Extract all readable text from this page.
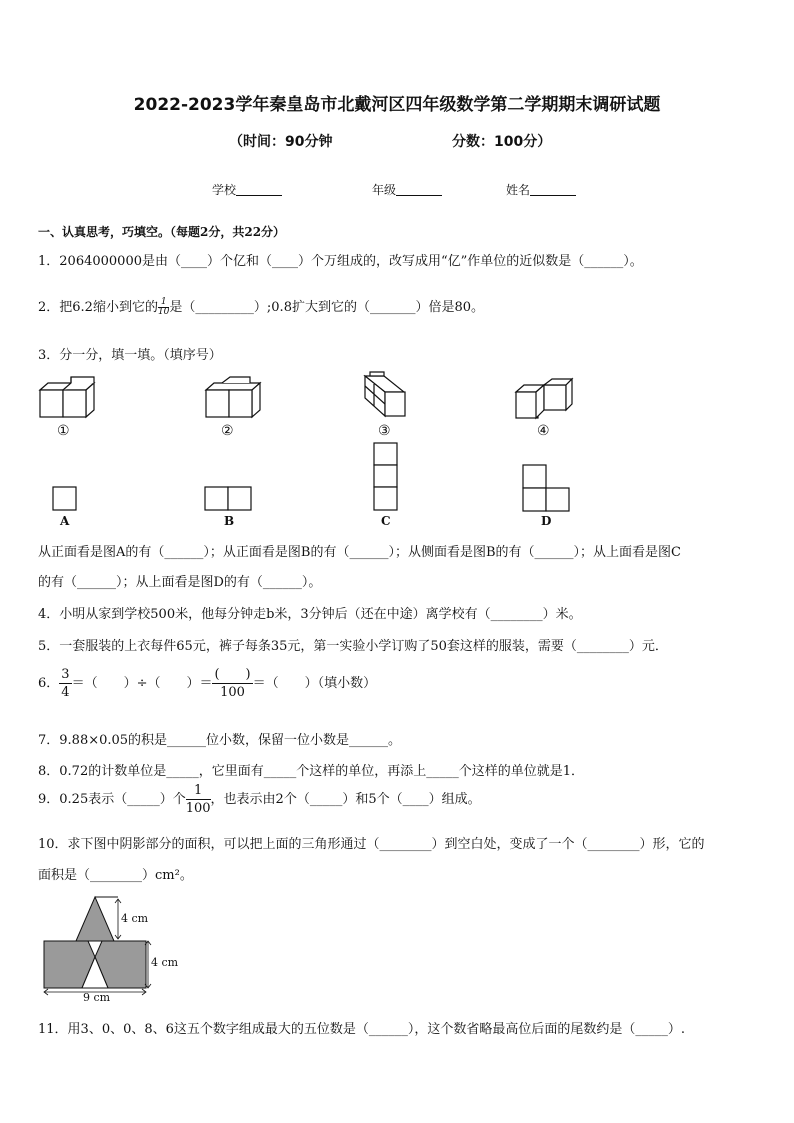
2022-2023学年秦皇岛市北戴河区四年级数学第二学期期末调研试题
（时间：90分钟	分数：100分）
学校	年级	姓名
一、认真思考，巧填空。（每题2分，共22分）
1．2064000000是由（____）个亿和（____）个万组成的，改写成用“亿”作单位的近似数是（______）。
2．把6.2缩小到它的 $\frac{1}{10}$ 是（_________）;0.8扩大到它的（_______）倍是80。
3．分一分，填一填。（填序号）
①	②	③	④
A	B	C	D
从正面看是图A的有（______）；从正面看是图B的有（______）；从侧面看是图B的有（______）；从上面看是图C
的有（______）；从上面看是图D的有（______）。
4．小明从家到学校500米，他每分钟走b米，3分钟后（还在中途）离学校有（________）米。
5．一套服装的上衣每件65元，裤子每条35元，第一实验小学订购了50套这样的服装，需要（________）元．
6． $\frac{3}{4}$ ＝（　　）÷（　　）＝ $\frac{( )}{100}$ ＝（　　）（填小数）
7．9.88×0.05的积是______位小数，保留一位小数是______。
8．0.72的计数单位是_____，它里面有_____个这样的单位，再添上_____个这样的单位就是1．
9．0.25表示（_____）个 $\frac{1}{100}$ ，也表示由2个（_____）和5个（____）组成。
10．求下图中阴影部分的面积，可以把上面的三角形通过（________）到空白处，变成了一个（________）形，它的
面积是（________）cm²。
4 cm
4 cm
9 cm
11．用3、0、0、8、6这五个数字组成最大的五位数是（______），这个数省略最高位后面的尾数约是（_____）.
